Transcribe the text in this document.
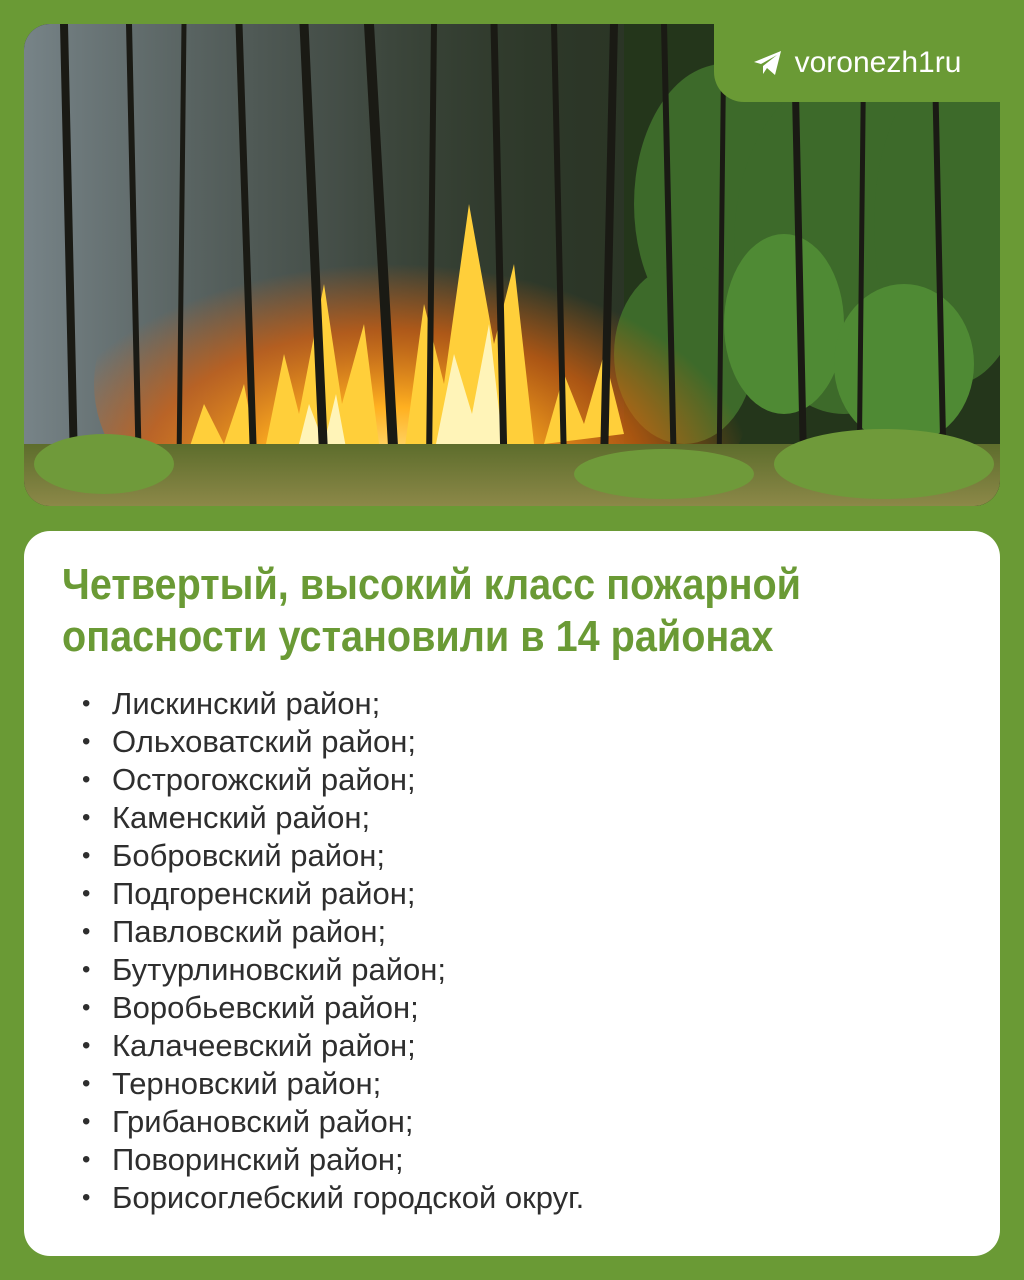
voronezh1ru
Четвертый, высокий класс пожарной
опасности установили в 14 районах
• Лискинский район;
• Ольховатский район;
• Острогожский район;
• Каменский район;
• Бобровский район;
• Подгоренский район;
• Павловский район;
• Бутурлиновский район;
• Воробьевский район;
• Калачеевский район;
• Терновский район;
• Грибановский район;
• Поворинский район;
• Борисоглебский городской округ.
